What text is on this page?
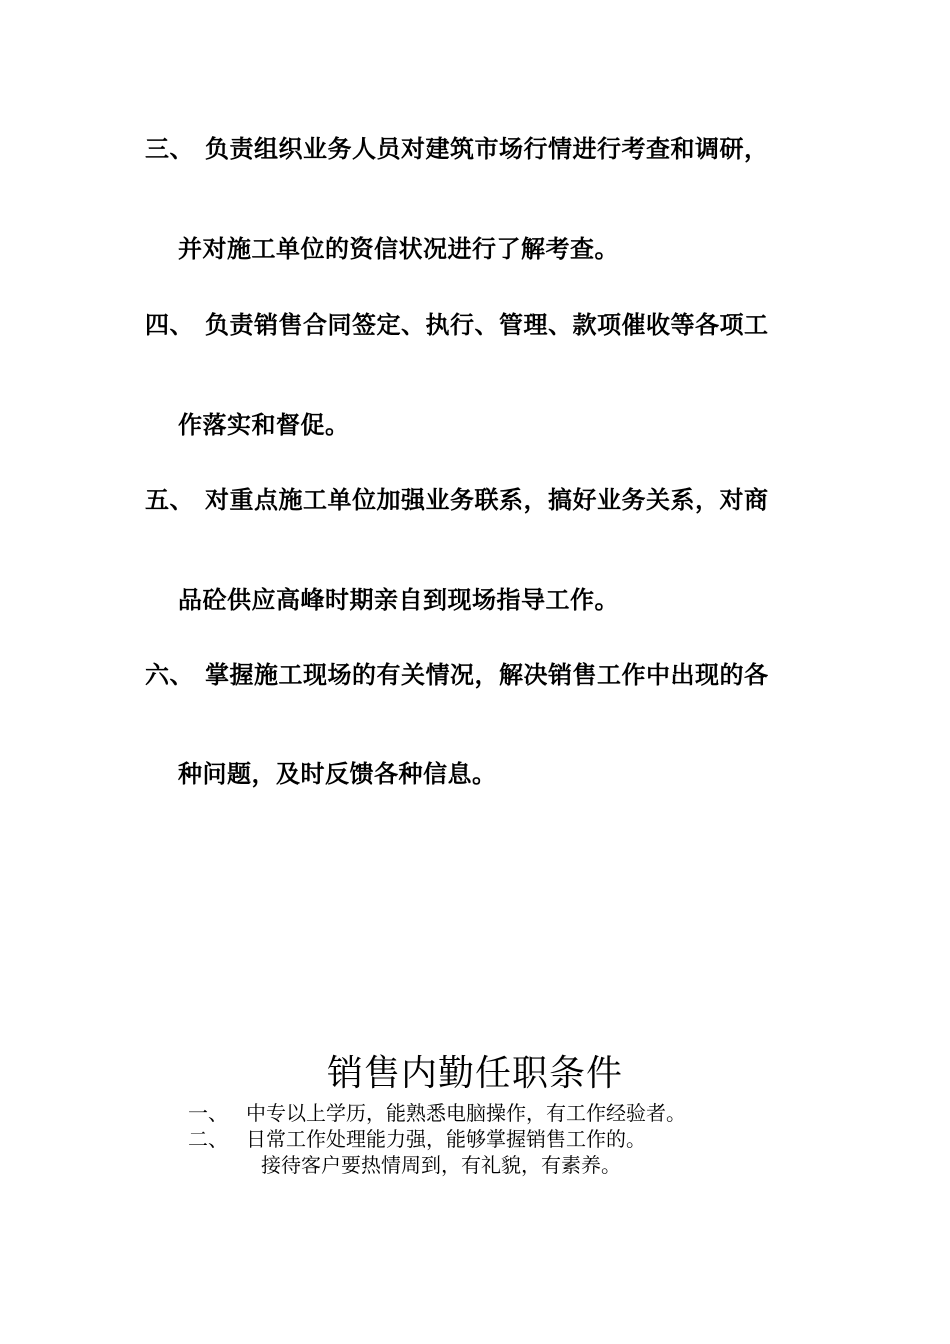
三、 负责组织业务人员对建筑市场行情进行考查和调研，
并对施工单位的资信状况进行了解考查。
四、 负责销售合同签定、执行、管理、款项催收等各项工
作落实和督促。
五、 对重点施工单位加强业务联系，搞好业务关系，对商
品砼供应高峰时期亲自到现场指导工作。
六、 掌握施工现场的有关情况，解决销售工作中出现的各
种问题，及时反馈各种信息。
销售内勤任职条件
一、 中专以上学历，能熟悉电脑操作，有工作经验者。
二、 日常工作处理能力强，能够掌握销售工作的。
接待客户要热情周到，有礼貌，有素养。
